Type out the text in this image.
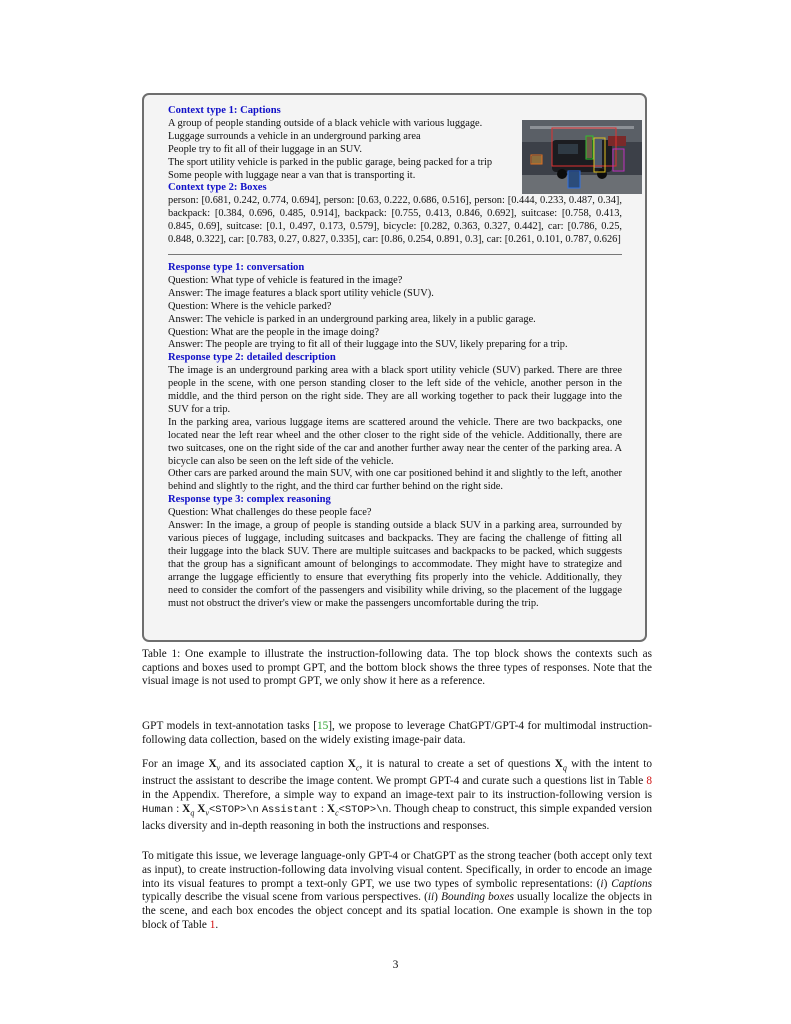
Context type 1: Captions

A group of people standing outside of a black vehicle with various luggage.

Luggage surrounds a vehicle in an underground parking area

People try to fit all of their luggage in an SUV.

The sport utility vehicle is parked in the public garage, being packed for a trip

Some people with luggage near a van that is transporting it.

Context type 2: Boxes

person: [0.681, 0.242, 0.774, 0.694], person: [0.63, 0.222, 0.686, 0.516], person: [0.444, 0.233, 0.487, 0.34], backpack: [0.384, 0.696, 0.485, 0.914], backpack: [0.755, 0.413, 0.846, 0.692], suitcase: [0.758, 0.413, 0.845, 0.69], suitcase: [0.1, 0.497, 0.173, 0.579], bicycle: [0.282, 0.363, 0.327, 0.442], car: [0.786, 0.25, 0.848, 0.322], car: [0.783, 0.27, 0.827, 0.335], car: [0.86, 0.254, 0.891, 0.3], car: [0.261, 0.101, 0.787, 0.626]

Response type 1: conversation

Question: What type of vehicle is featured in the image?

Answer: The image features a black sport utility vehicle (SUV).

Question: Where is the vehicle parked?

Answer: The vehicle is parked in an underground parking area, likely in a public garage.

Question: What are the people in the image doing?

Answer: The people are trying to fit all of their luggage into the SUV, likely preparing for a trip.

Response type 2: detailed description

The image is an underground parking area with a black sport utility vehicle (SUV) parked. There are three people in the scene, with one person standing closer to the left side of the vehicle, another person in the middle, and the third person on the right side. They are all working together to pack their luggage into the SUV for a trip.

In the parking area, various luggage items are scattered around the vehicle. There are two backpacks, one located near the left rear wheel and the other closer to the right side of the vehicle. Additionally, there are two suitcases, one on the right side of the car and another further away near the center of the parking area. A bicycle can also be seen on the left side of the vehicle.

Other cars are parked around the main SUV, with one car positioned behind it and slightly to the left, another behind and slightly to the right, and the third car further behind on the right side.

Response type 3: complex reasoning

Question: What challenges do these people face?

Answer: In the image, a group of people is standing outside a black SUV in a parking area, surrounded by various pieces of luggage, including suitcases and backpacks. They are facing the challenge of fitting all their luggage into the black SUV. There are multiple suitcases and backpacks to be packed, which suggests that the group has a significant amount of belongings to accommodate. They might have to strategize and arrange the luggage efficiently to ensure that everything fits properly into the vehicle. Additionally, they need to consider the comfort of the passengers and visibility while driving, so the placement of the luggage must not obstruct the driver's view or make the passengers uncomfortable during the trip.

Table 1: One example to illustrate the instruction-following data. The top block shows the contexts such as captions and boxes used to prompt GPT, and the bottom block shows the three types of responses. Note that the visual image is not used to prompt GPT, we only show it here as a reference.

GPT models in text-annotation tasks [15], we propose to leverage ChatGPT/GPT-4 for multimodal instruction-following data collection, based on the widely existing image-pair data.

For an image $X_v$ and its associated caption $X_c$, it is natural to create a set of questions $X_q$ with the intent to instruct the assistant to describe the image content. We prompt GPT-4 and curate such a questions list in Table 8 in the Appendix. Therefore, a simple way to expand an image-text pair to its instruction-following version is Human : $X_q$ $X_v<STOP>\backslash n$ Assistant : $X_c<STOP>\backslash n$. Though cheap to construct, this simple expanded version lacks diversity and in-depth reasoning in both the instructions and responses.

To mitigate this issue, we leverage language-only GPT-4 or ChatGPT as the strong teacher (both accept only text as input), to create instruction-following data involving visual content. Specifically, in order to encode an image into its visual features to prompt a text-only GPT, we use two types of symbolic representations: (i) Captions typically describe the visual scene from various perspectives. (ii) Bounding boxes usually localize the objects in the scene, and each box encodes the object concept and its spatial location. One example is shown in the top block of Table 1.

3
